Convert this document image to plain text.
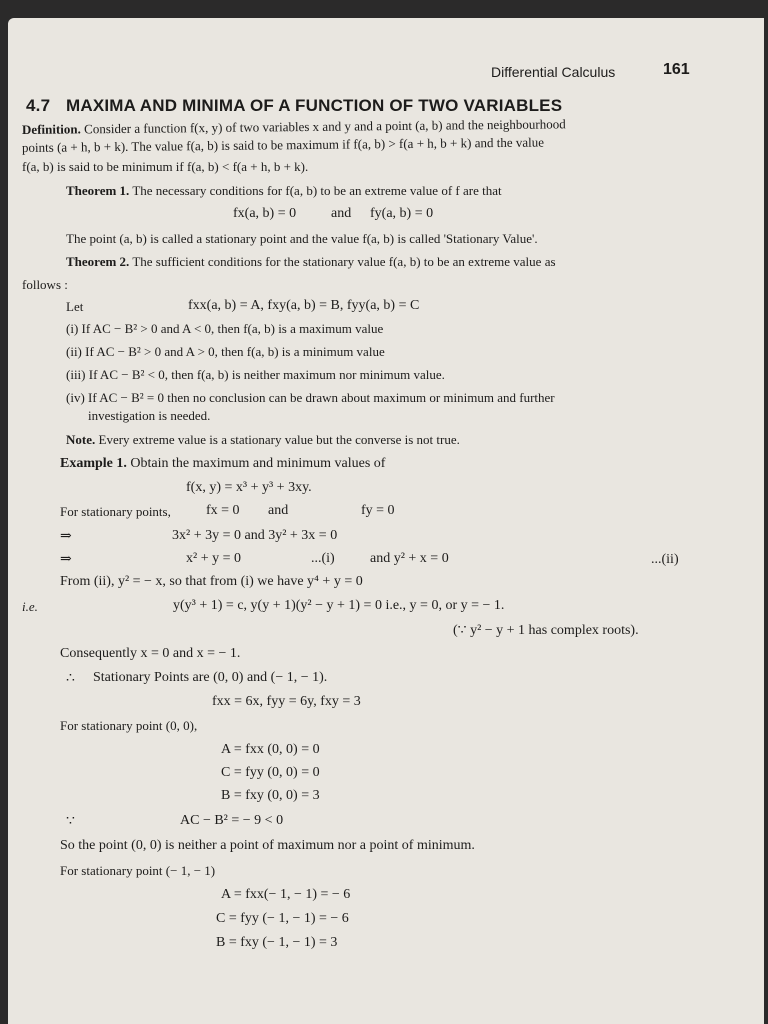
Differential Calculus	161
4.7 MAXIMA AND MINIMA OF A FUNCTION OF TWO VARIABLES
Definition. Consider a function f(x, y) of two variables x and y and a point (a, b) and the neighbourhood
points (a + h, b + k). The value f(a, b) is said to be maximum if f(a, b) > f(a + h, b + k) and the value
f(a, b) is said to be minimum if f(a, b) < f(a + h, b + k).
Theorem 1. The necessary conditions for f(a, b) to be an extreme value of f are that
fx(a, b) = 0 and fy(a, b) = 0
The point (a, b) is called a stationary point and the value f(a, b) is called 'Stationary Value'.
Theorem 2. The sufficient conditions for the stationary value f(a, b) to be an extreme value as
follows :
Let	fxx(a, b) = A, fxy(a, b) = B, fyy(a, b) = C
(i) If AC − B² > 0 and A < 0, then f(a, b) is a maximum value
(ii) If AC − B² > 0 and A > 0, then f(a, b) is a minimum value
(iii) If AC − B² < 0, then f(a, b) is neither maximum nor minimum value.
(iv) If AC − B² = 0 then no conclusion can be drawn about maximum or minimum and further
investigation is needed.
Note. Every extreme value is a stationary value but the converse is not true.
Example 1. Obtain the maximum and minimum values of
f(x, y) = x³ + y³ + 3xy.
For stationary points,	fx = 0 and	fy = 0
⇒	3x² + 3y = 0 and 3y² + 3x = 0
⇒	x² + y = 0	...(i)	and y² + x = 0	...(ii)
From (ii), y² = − x, so that from (i) we have y⁴ + y = 0
i.e.	y(y³ + 1) = c, y(y + 1)(y² − y + 1) = 0 i.e., y = 0, or y = − 1.
(∵ y² − y + 1 has complex roots).
Consequently x = 0 and x = − 1.
∴ Stationary Points are (0, 0) and (− 1, − 1).
fxx = 6x, fyy = 6y, fxy = 3
For stationary point (0, 0),
A = fxx (0, 0) = 0
C = fyy (0, 0) = 0
B = fxy (0, 0) = 3
∵	AC − B² = − 9 < 0
So the point (0, 0) is neither a point of maximum nor a point of minimum.
For stationary point (− 1, − 1)
A = fxx(− 1, − 1) = − 6
C = fyy (− 1, − 1) = − 6
B = fxy (− 1, − 1) = 3
